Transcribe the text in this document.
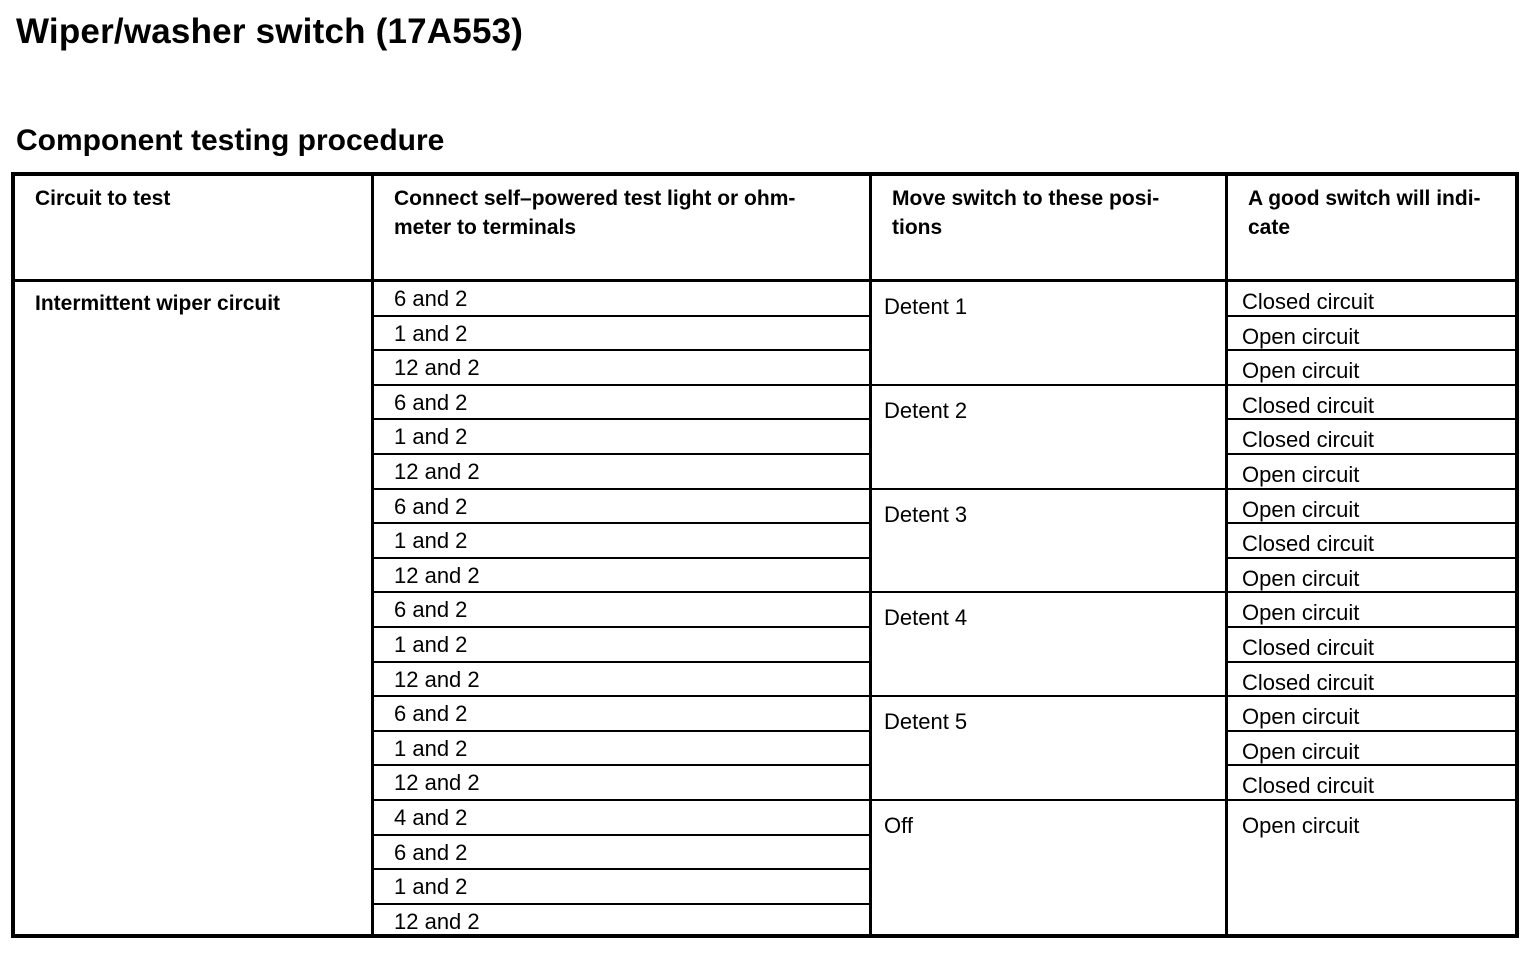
Wiper/washer switch (17A553)
Component testing procedure
Circuit to test
Intermittent wiper circuit
Connect self–powered test light or ohm-
meter to terminals
6 and 2
1 and 2
12 and 2
6 and 2
1 and 2
12 and 2
6 and 2
1 and 2
12 and 2
6 and 2
1 and 2
12 and 2
6 and 2
1 and 2
12 and 2
4 and 2
6 and 2
1 and 2
12 and 2
Move switch to these posi-
tions
Detent 1
Detent 2
Detent 3
Detent 4
Detent 5
Off
A good switch will indi-
cate
Closed circuit
Open circuit
Open circuit
Closed circuit
Closed circuit
Open circuit
Open circuit
Closed circuit
Open circuit
Open circuit
Closed circuit
Closed circuit
Open circuit
Open circuit
Closed circuit
Open circuit
